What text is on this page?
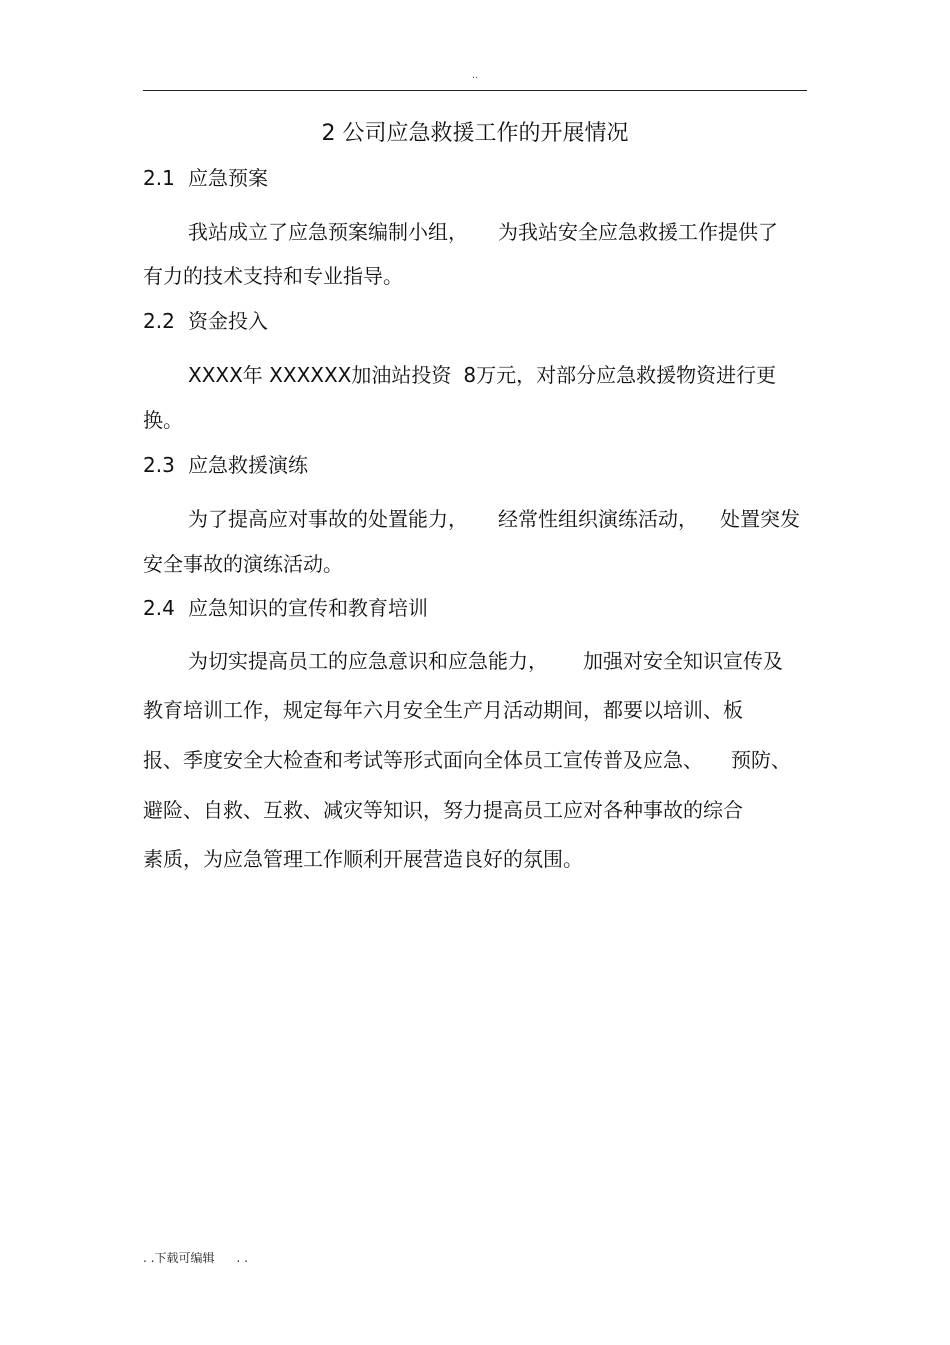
..
2 公司应急救援工作的开展情况
2.1 应急预案
我站成立了应急预案编制小组， 为我站安全应急救援工作提供了
有力的技术支持和专业指导。
2.2 资金投入
XXXX年 XXXXXX加油站投资 8万元，对部分应急救援物资进行更
换。
2.3 应急救援演练
为了提高应对事故的处置能力， 经常性组织演练活动， 处置突发
安全事故的演练活动。
2.4 应急知识的宣传和教育培训
为切实提高员工的应急意识和应急能力， 加强对安全知识宣传及
教育培训工作，规定每年六月安全生产月活动期间，都要以培训、板
报、季度安全大检查和考试等形式面向全体员工宣传普及应急、 预防、
避险、自救、互救、减灾等知识，努力提高员工应对各种事故的综合
素质，为应急管理工作顺利开展营造良好的氛围。
. .下载可编辑 . .
